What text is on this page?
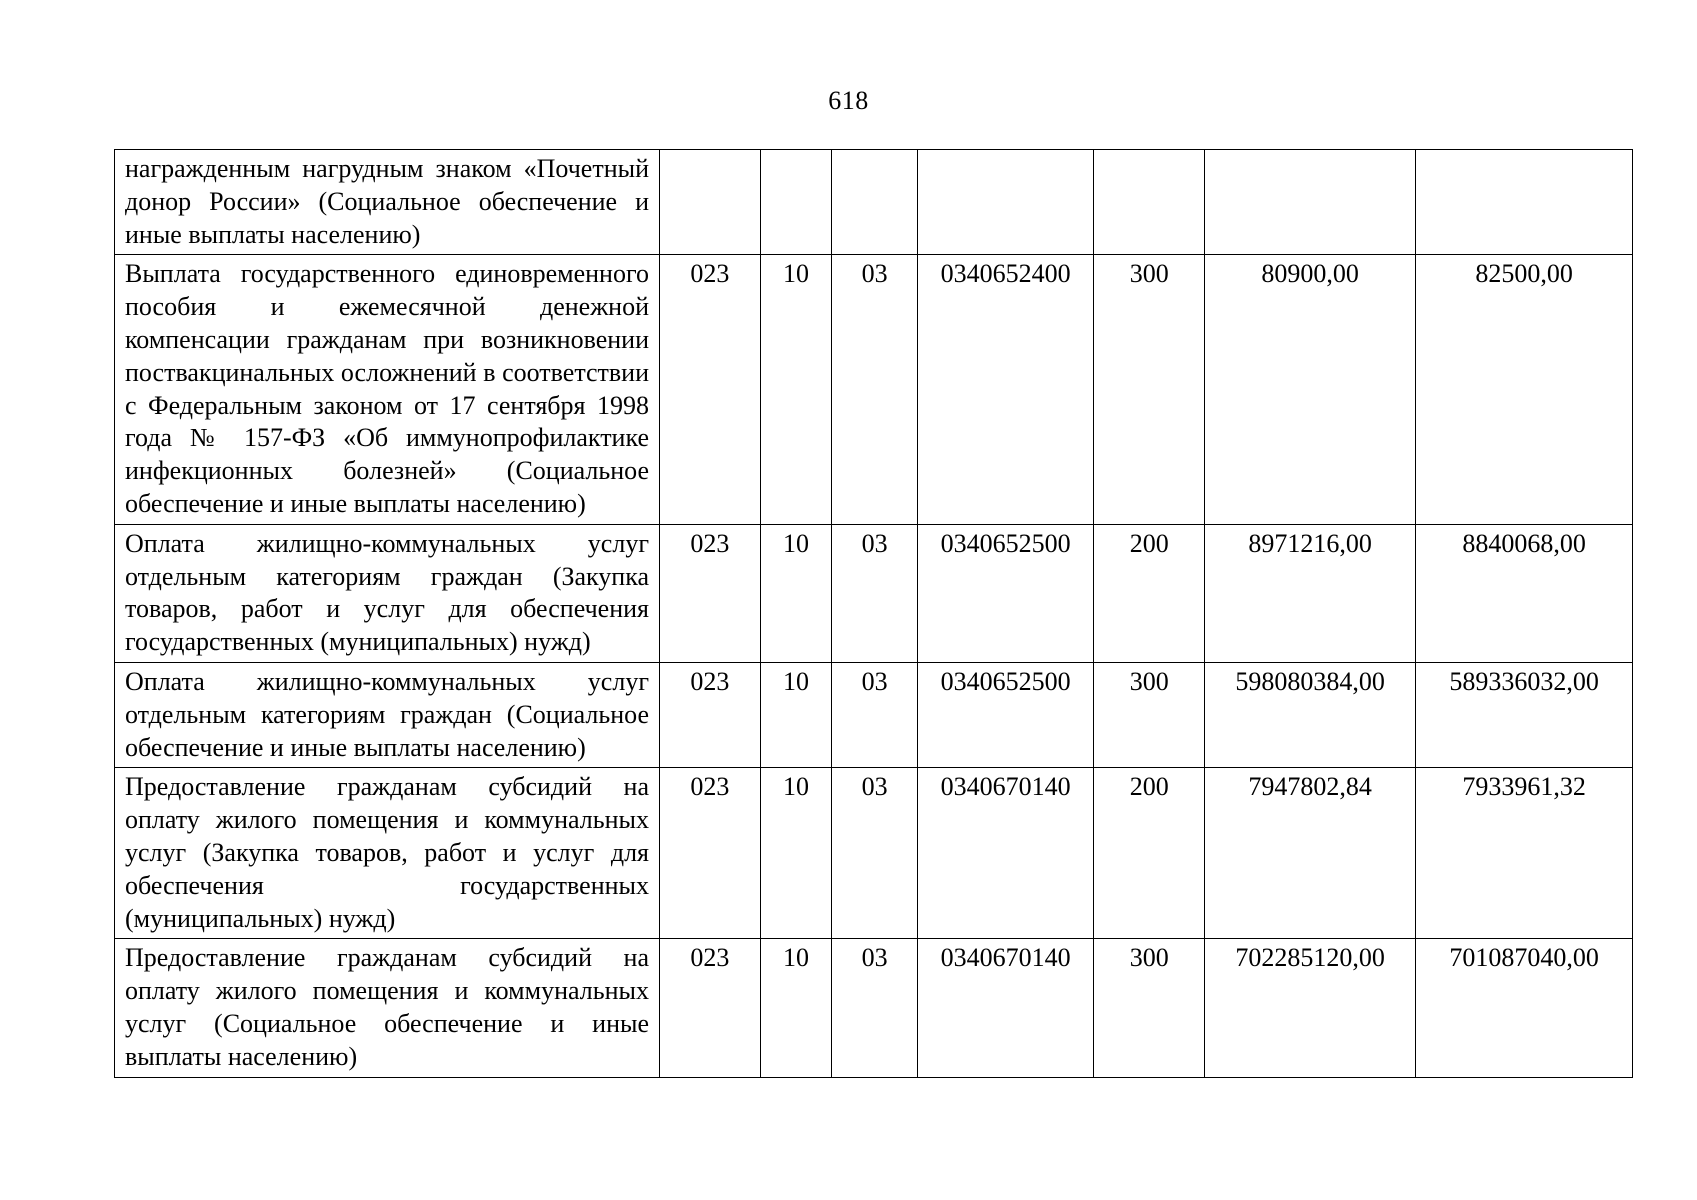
618
награжденным нагрудным знаком «Почетный донор России» (Социальное обеспечение и иные выплаты населению)							
Выплата государственного единовременного пособия и ежемесячной денежной компенсации гражданам при возникновении поствакцинальных осложнений в соответствии с Федеральным законом от 17 сентября 1998 года № 157-ФЗ «Об иммунопрофилактике инфекционных болезней» (Социальное обеспечение и иные выплаты населению)	023	10	03	0340652400	300	80900,00	82500,00
Оплата жилищно-коммунальных услуг отдельным категориям граждан (Закупка товаров, работ и услуг для обеспечения государственных (муниципальных) нужд)	023	10	03	0340652500	200	8971216,00	8840068,00
Оплата жилищно-коммунальных услуг отдельным категориям граждан (Социальное обеспечение и иные выплаты населению)	023	10	03	0340652500	300	598080384,00	589336032,00
Предоставление гражданам субсидий на оплату жилого помещения и коммунальных услуг (Закупка товаров, работ и услуг для обеспечения государственных (муниципальных) нужд)	023	10	03	0340670140	200	7947802,84	7933961,32
Предоставление гражданам субсидий на оплату жилого помещения и коммунальных услуг (Социальное обеспечение и иные выплаты населению)	023	10	03	0340670140	300	702285120,00	701087040,00
